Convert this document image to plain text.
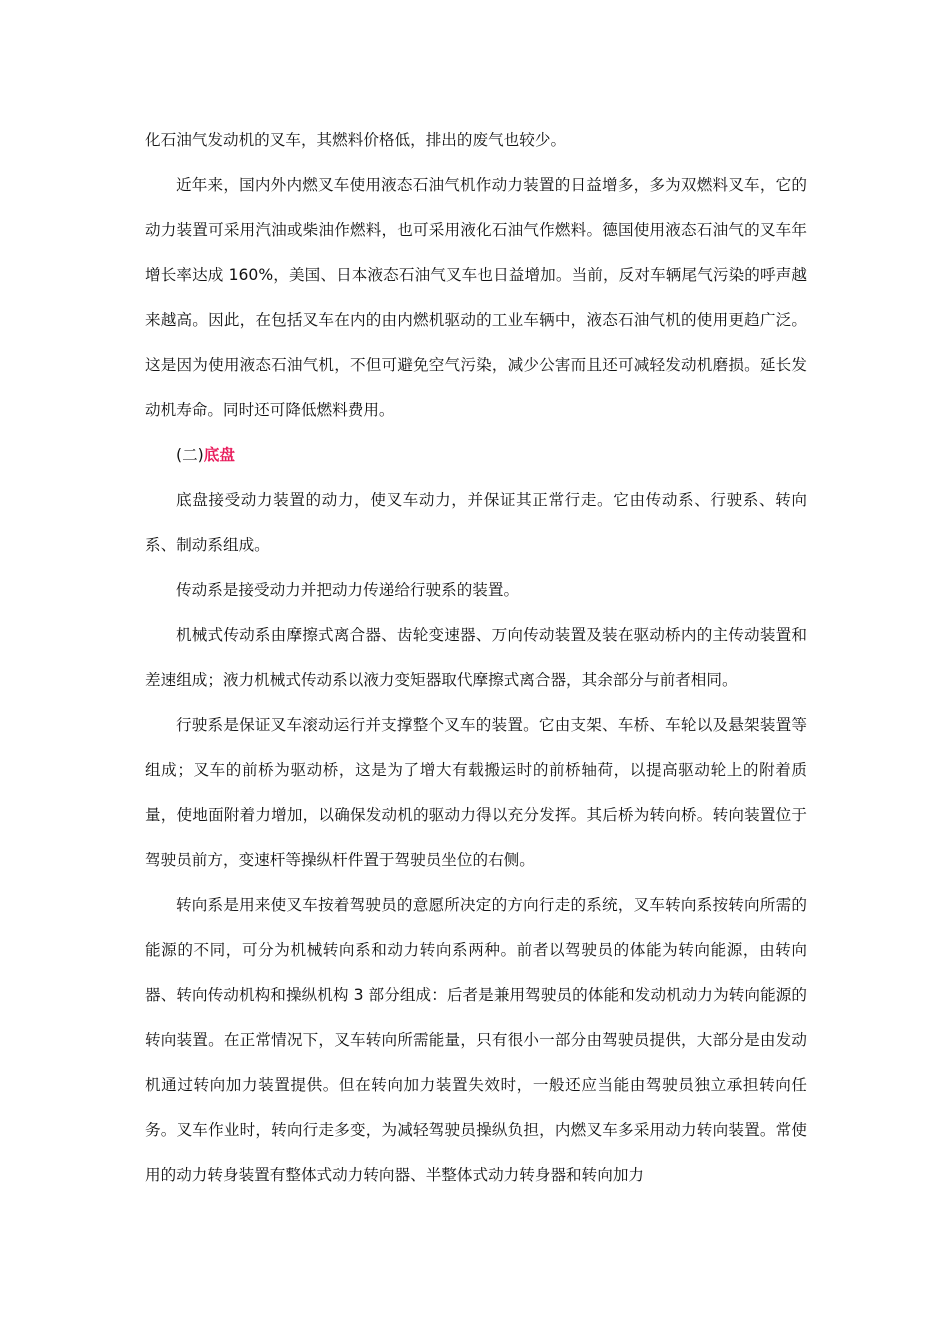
化石油气发动机的叉车，其燃料价格低，排出的废气也较少。

近年来，国内外内燃叉车使用液态石油气机作动力装置的日益增多，多为双燃料叉车，它的动力装置可采用汽油或柴油作燃料，也可采用液化石油气作燃料。德国使用液态石油气的叉车年增长率达成 160%，美国、日本液态石油气叉车也日益增加。当前，反对车辆尾气污染的呼声越来越高。因此，在包括叉车在内的由内燃机驱动的工业车辆中，液态石油气机的使用更趋广泛。这是因为使用液态石油气机，不但可避免空气污染，减少公害而且还可减轻发动机磨损。延长发动机寿命。同时还可降低燃料费用。

(二)底盘

底盘接受动力装置的动力，使叉车动力，并保证其正常行走。它由传动系、行驶系、转向系、制动系组成。

传动系是接受动力并把动力传递给行驶系的装置。

机械式传动系由摩擦式离合器、齿轮变速器、万向传动装置及装在驱动桥内的主传动装置和差速组成；液力机械式传动系以液力变矩器取代摩擦式离合器，其余部分与前者相同。

行驶系是保证叉车滚动运行并支撑整个叉车的装置。它由支架、车桥、车轮以及悬架装置等组成；叉车的前桥为驱动桥，这是为了增大有载搬运时的前桥轴荷，以提高驱动轮上的附着质量，使地面附着力增加，以确保发动机的驱动力得以充分发挥。其后桥为转向桥。转向装置位于驾驶员前方，变速杆等操纵杆件置于驾驶员坐位的右侧。

转向系是用来使叉车按着驾驶员的意愿所决定的方向行走的系统，叉车转向系按转向所需的能源的不同，可分为机械转向系和动力转向系两种。前者以驾驶员的体能为转向能源，由转向器、转向传动机构和操纵机构 3 部分组成：后者是兼用驾驶员的体能和发动机动力为转向能源的转向装置。在正常情况下，叉车转向所需能量，只有很小一部分由驾驶员提供，大部分是由发动机通过转向加力装置提供。但在转向加力装置失效时，一般还应当能由驾驶员独立承担转向任务。叉车作业时，转向行走多变，为减轻驾驶员操纵负担，内燃叉车多采用动力转向装置。常使用的动力转身装置有整体式动力转向器、半整体式动力转身器和转向加力
